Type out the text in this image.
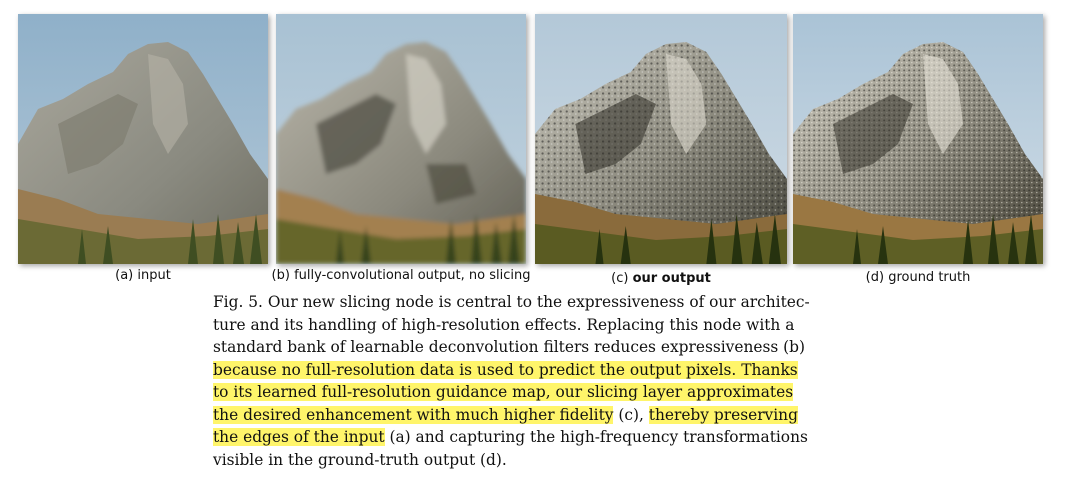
(a) input	(b) fully-convolutional output, no slicing	(c) our output	(d) ground truth
Fig. 5. Our new slicing node is central to the expressiveness of our architec-
ture and its handling of high-resolution effects. Replacing this node with a
standard bank of learnable deconvolution filters reduces expressiveness (b)
because no full-resolution data is used to predict the output pixels. Thanks
to its learned full-resolution guidance map, our slicing layer approximates
the desired enhancement with much higher fidelity (c), thereby preserving
the edges of the input (a) and capturing the high-frequency transformations
visible in the ground-truth output (d).
